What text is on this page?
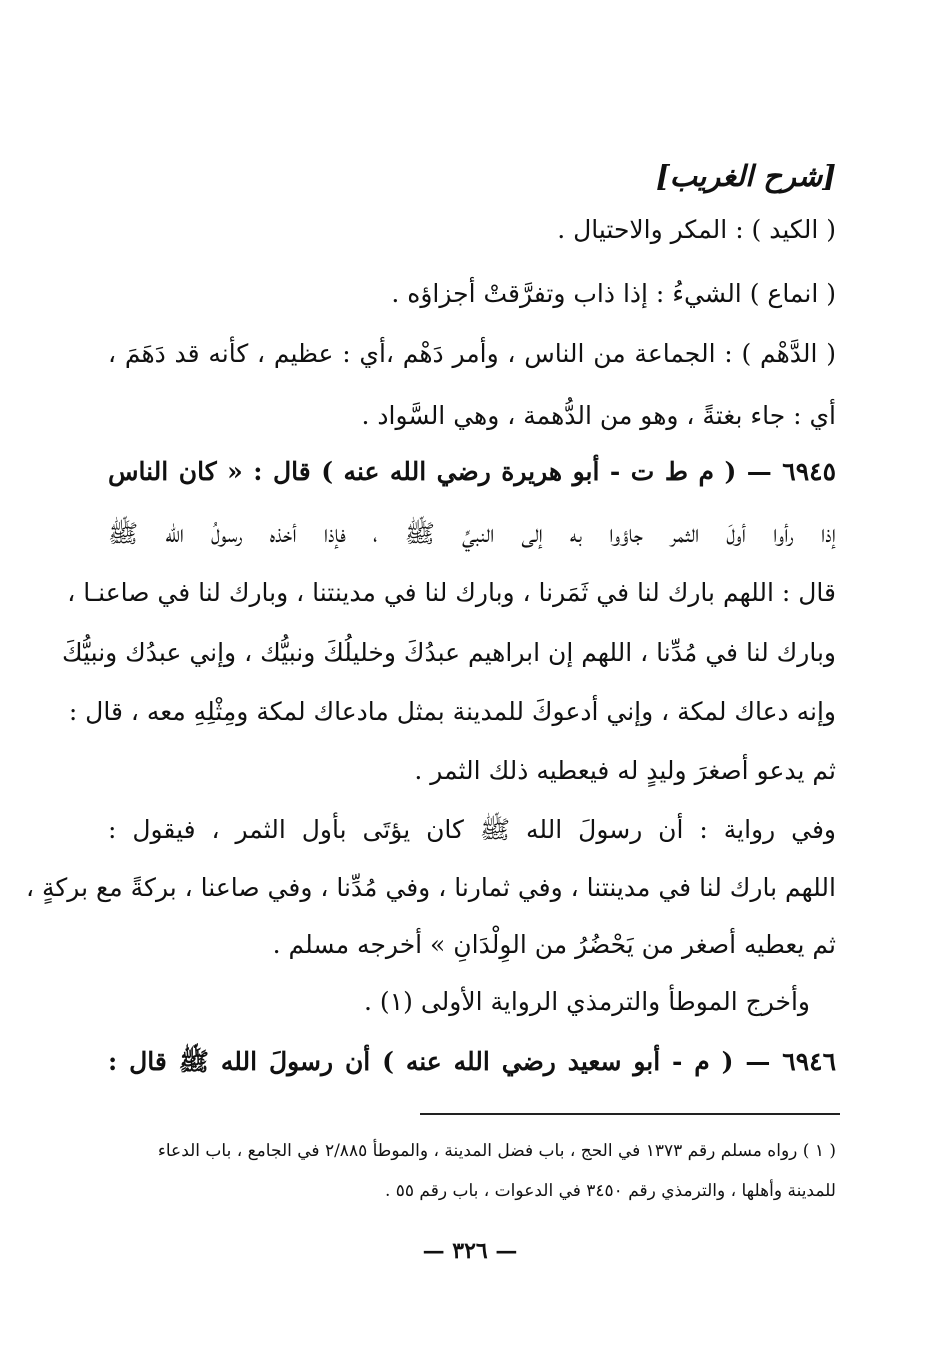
[شرح الغريب]
( الكيد ) : المكر والاحتيال .
( انماع ) الشيءُ : إذا ذاب وتفرَّقتْ أجزاؤه .
( الدَّهْم ) : الجماعة من الناس ، وأمر دَهْم ،أي : عظيم ، كأنه قد دَهَمَ ،
أي : جاء بغتةً ، وهو من الدُّهمة ، وهي السَّواد .
٦٩٤٥ — ( م ط ت - أبو هريرة رضي الله عنه ) قال : « كان الناس
إذا رأوا أولَ الثمر جاؤوا به إلى النبيِّ ﷺ ، فإذا أخذه رسولُ الله ﷺ
قال : اللهم بارك لنا في ثَمَرنا ، وبارك لنا في مدينتنا ، وبارك لنا في صاعنـا ،
وبارك لنا في مُدِّنا ، اللهم إن ابراهيم عبدُكَ وخليلُكَ ونبيُّك ، وإني عبدُك ونبيُّكَ
وإنه دعاك لمكة ، وإني أدعوكَ للمدينة بمثل مادعاك لمكة ومِثْلِهِ معه ، قال :
ثم يدعو أصغرَ وليدٍ له فيعطيه ذلك الثمر .
وفي رواية : أن رسولَ الله ﷺ كان يؤتَى بأول الثمر ، فيقول :
اللهم بارك لنا في مدينتنا ، وفي ثمارنا ، وفي مُدِّنا ، وفي صاعنا ، بركةً مع بركةٍ ،
ثم يعطيه أصغر من يَحْضُرُ من الوِلْدَانِ » أخرجه مسلم .
وأخرج الموطأ والترمذي الرواية الأولى (١) .
٦٩٤٦ — ( م - أبو سعيد رضي الله عنه ) أن رسولَ الله ﷺ قال :
( ١ ) رواه مسلم رقم ١٣٧٣ في الحج ، باب فضل المدينة ، والموطأ ٢/٨٨٥ في الجامع ، باب الدعاء
للمدينة وأهلها ، والترمذي رقم ٣٤٥٠ في الدعوات ، باب رقم ٥٥ .
— ٣٢٦ —
